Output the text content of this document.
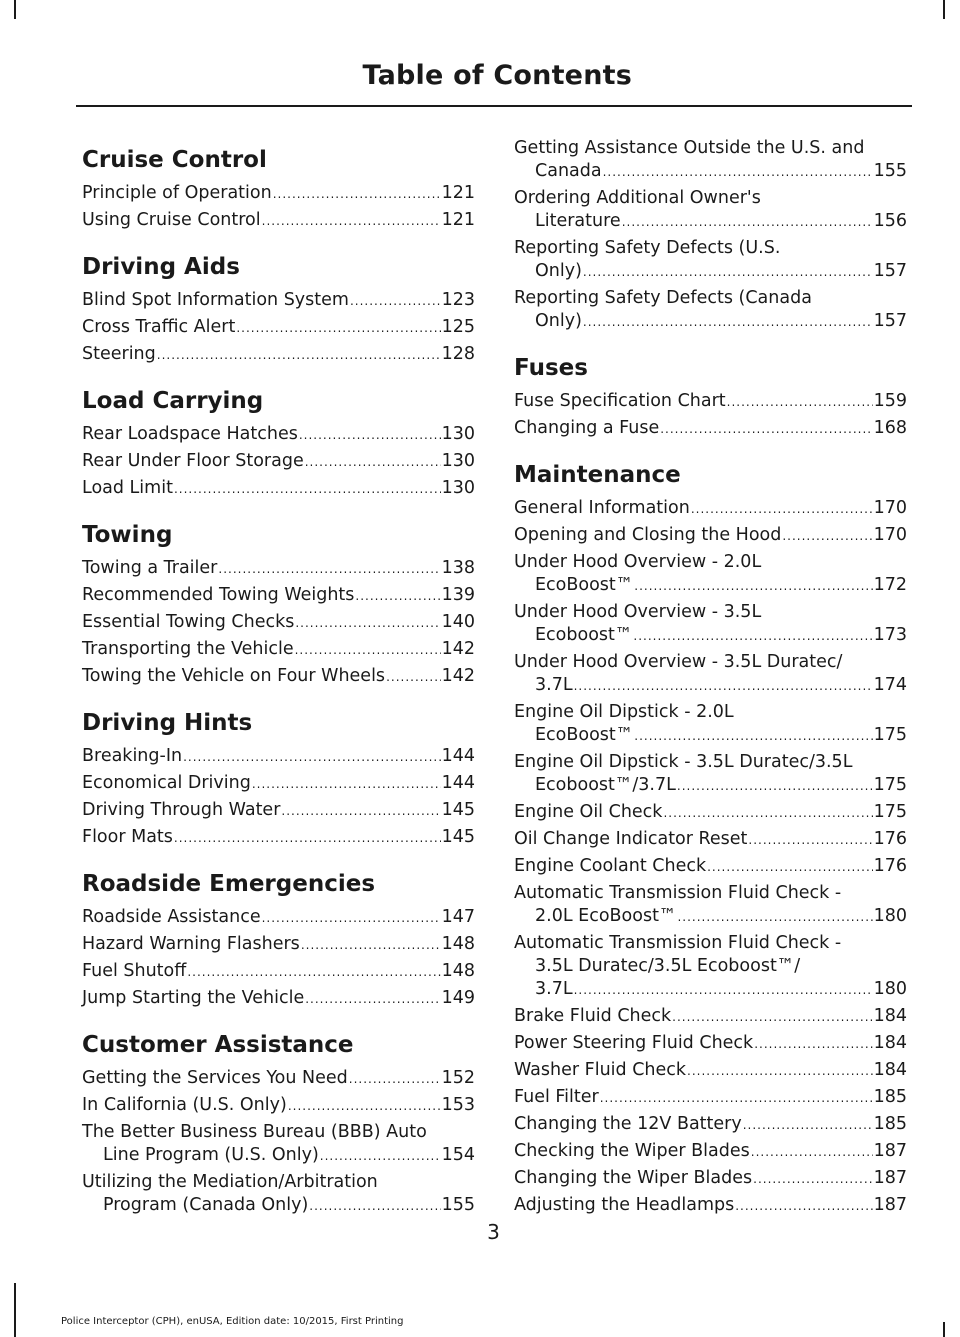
Table of Contents
Cruise Control
Principle of Operation .....	121
Using Cruise Control .....	121
Driving Aids
Blind Spot Information System .....	123
Cross Traffic Alert .....	125
Steering .....	128
Load Carrying
Rear Loadspace Hatches .....	130
Rear Under Floor Storage .....	130
Load Limit .....	130
Towing
Towing a Trailer .....	138
Recommended Towing Weights .....	139
Essential Towing Checks .....	140
Transporting the Vehicle .....	142
Towing the Vehicle on Four Wheels .....	142
Driving Hints
Breaking-In .....	144
Economical Driving .....	144
Driving Through Water .....	145
Floor Mats .....	145
Roadside Emergencies
Roadside Assistance .....	147
Hazard Warning Flashers .....	148
Fuel Shutoff .....	148
Jump Starting the Vehicle .....	149
Customer Assistance
Getting the Services You Need .....	152
In California (U.S. Only) .....	153
The Better Business Bureau (BBB) Auto
Line Program (U.S. Only) .....	154
Utilizing the Mediation/Arbitration
Program (Canada Only) .....	155
Getting Assistance Outside the U.S. and
Canada .....	155
Ordering Additional Owner's
Literature .....	156
Reporting Safety Defects (U.S.
Only) .....	157
Reporting Safety Defects (Canada
Only) .....	157
Fuses
Fuse Specification Chart .....	159
Changing a Fuse .....	168
Maintenance
General Information .....	170
Opening and Closing the Hood .....	170
Under Hood Overview - 2.0L
EcoBoost™ .....	172
Under Hood Overview - 3.5L
Ecoboost™ .....	173
Under Hood Overview - 3.5L Duratec/
3.7L .....	174
Engine Oil Dipstick - 2.0L
EcoBoost™ .....	175
Engine Oil Dipstick - 3.5L Duratec/3.5L
Ecoboost™/3.7L .....	175
Engine Oil Check .....	175
Oil Change Indicator Reset .....	176
Engine Coolant Check .....	176
Automatic Transmission Fluid Check -
2.0L EcoBoost™ .....	180
Automatic Transmission Fluid Check -
3.5L Duratec/3.5L Ecoboost™/
3.7L .....	180
Brake Fluid Check .....	184
Power Steering Fluid Check .....	184
Washer Fluid Check .....	184
Fuel Filter .....	185
Changing the 12V Battery .....	185
Checking the Wiper Blades .....	187
Changing the Wiper Blades .....	187
Adjusting the Headlamps .....	187
3
Police Interceptor (CPH), enUSA, Edition date: 10/2015, First Printing
